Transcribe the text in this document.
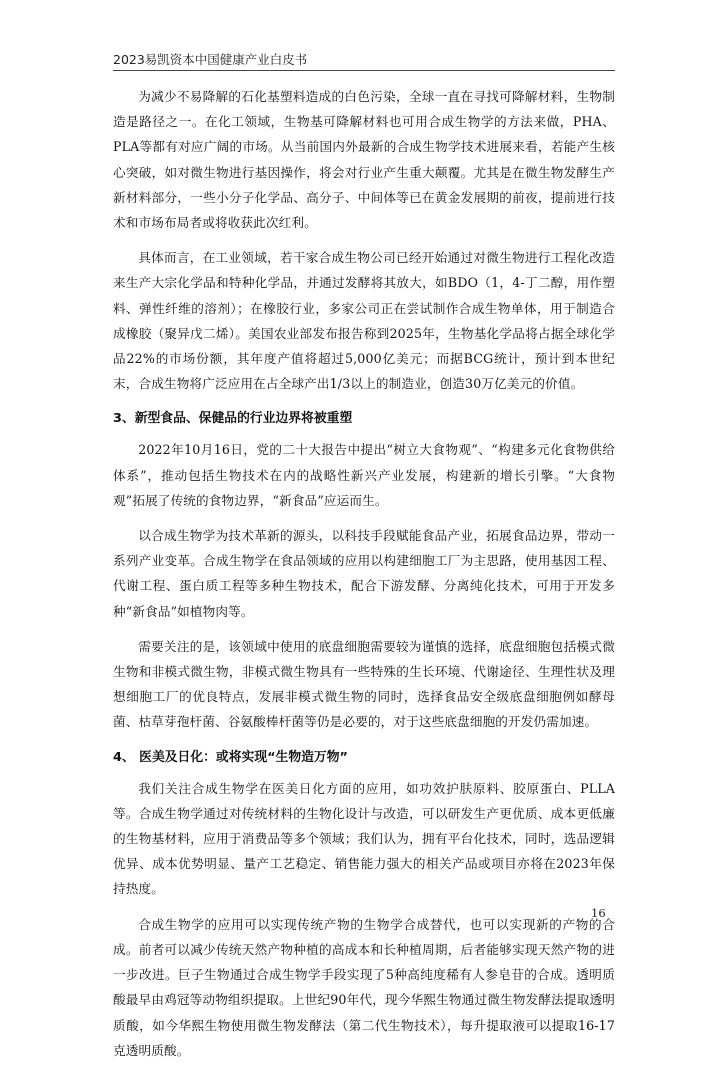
2023易凯资本中国健康产业白皮书

为减少不易降解的石化基塑料造成的白色污染，全球一直在寻找可降解材料，生物制造是路径之一。在化工领域，生物基可降解材料也可用合成生物学的方法来做，PHA、PLA等都有对应广阔的市场。从当前国内外最新的合成生物学技术进展来看，若能产生核心突破，如对微生物进行基因操作，将会对行业产生重大颠覆。尤其是在微生物发酵生产新材料部分，一些小分子化学品、高分子、中间体等已在黄金发展期的前夜，提前进行技术和市场布局者或将收获此次红利。

具体而言，在工业领域，若干家合成生物公司已经开始通过对微生物进行工程化改造来生产大宗化学品和特种化学品，并通过发酵将其放大，如BDO（1，4-丁二醇，用作塑料、弹性纤维的溶剂）；在橡胶行业，多家公司正在尝试制作合成生物单体，用于制造合成橡胶（聚异戊二烯）。美国农业部发布报告称到2025年，生物基化学品将占据全球化学品22%的市场份额，其年度产值将超过5,000亿美元；而据BCG统计，预计到本世纪末，合成生物将广泛应用在占全球产出1/3以上的制造业，创造30万亿美元的价值。

3、新型食品、保健品的行业边界将被重塑

2022年10月16日，党的二十大报告中提出“树立大食物观”、“构建多元化食物供给体系”，推动包括生物技术在内的战略性新兴产业发展，构建新的增长引擎。“大食物观”拓展了传统的食物边界，“新食品”应运而生。

以合成生物学为技术革新的源头，以科技手段赋能食品产业，拓展食品边界，带动一系列产业变革。合成生物学在食品领域的应用以构建细胞工厂为主思路，使用基因工程、代谢工程、蛋白质工程等多种生物技术，配合下游发酵、分离纯化技术，可用于开发多种“新食品”如植物肉等。

需要关注的是，该领域中使用的底盘细胞需要较为谨慎的选择，底盘细胞包括模式微生物和非模式微生物，非模式微生物具有一些特殊的生长环境、代谢途径、生理性状及理想细胞工厂的优良特点，发展非模式微生物的同时，选择食品安全级底盘细胞例如酵母菌、枯草芽孢杆菌、谷氨酸棒杆菌等仍是必要的，对于这些底盘细胞的开发仍需加速。

4、 医美及日化：或将实现“生物造万物”

我们关注合成生物学在医美日化方面的应用，如功效护肤原料、胶原蛋白、PLLA等。合成生物学通过对传统材料的生物化设计与改造，可以研发生产更优质、成本更低廉的生物基材料，应用于消费品等多个领域；我们认为，拥有平台化技术，同时，选品逻辑优异、成本优势明显、量产工艺稳定、销售能力强大的相关产品或项目亦将在2023年保持热度。

合成生物学的应用可以实现传统产物的生物学合成替代，也可以实现新的产物的合成。前者可以减少传统天然产物种植的高成本和长种植周期，后者能够实现天然产物的进一步改进。巨子生物通过合成生物学手段实现了5种高纯度稀有人参皂苷的合成。透明质酸最早由鸡冠等动物组织提取。上世纪90年代，现今华熙生物通过微生物发酵法提取透明质酸，如今华熙生物使用微生物发酵法（第二代生物技术），每升提取液可以提取16-17克透明质酸。

16
